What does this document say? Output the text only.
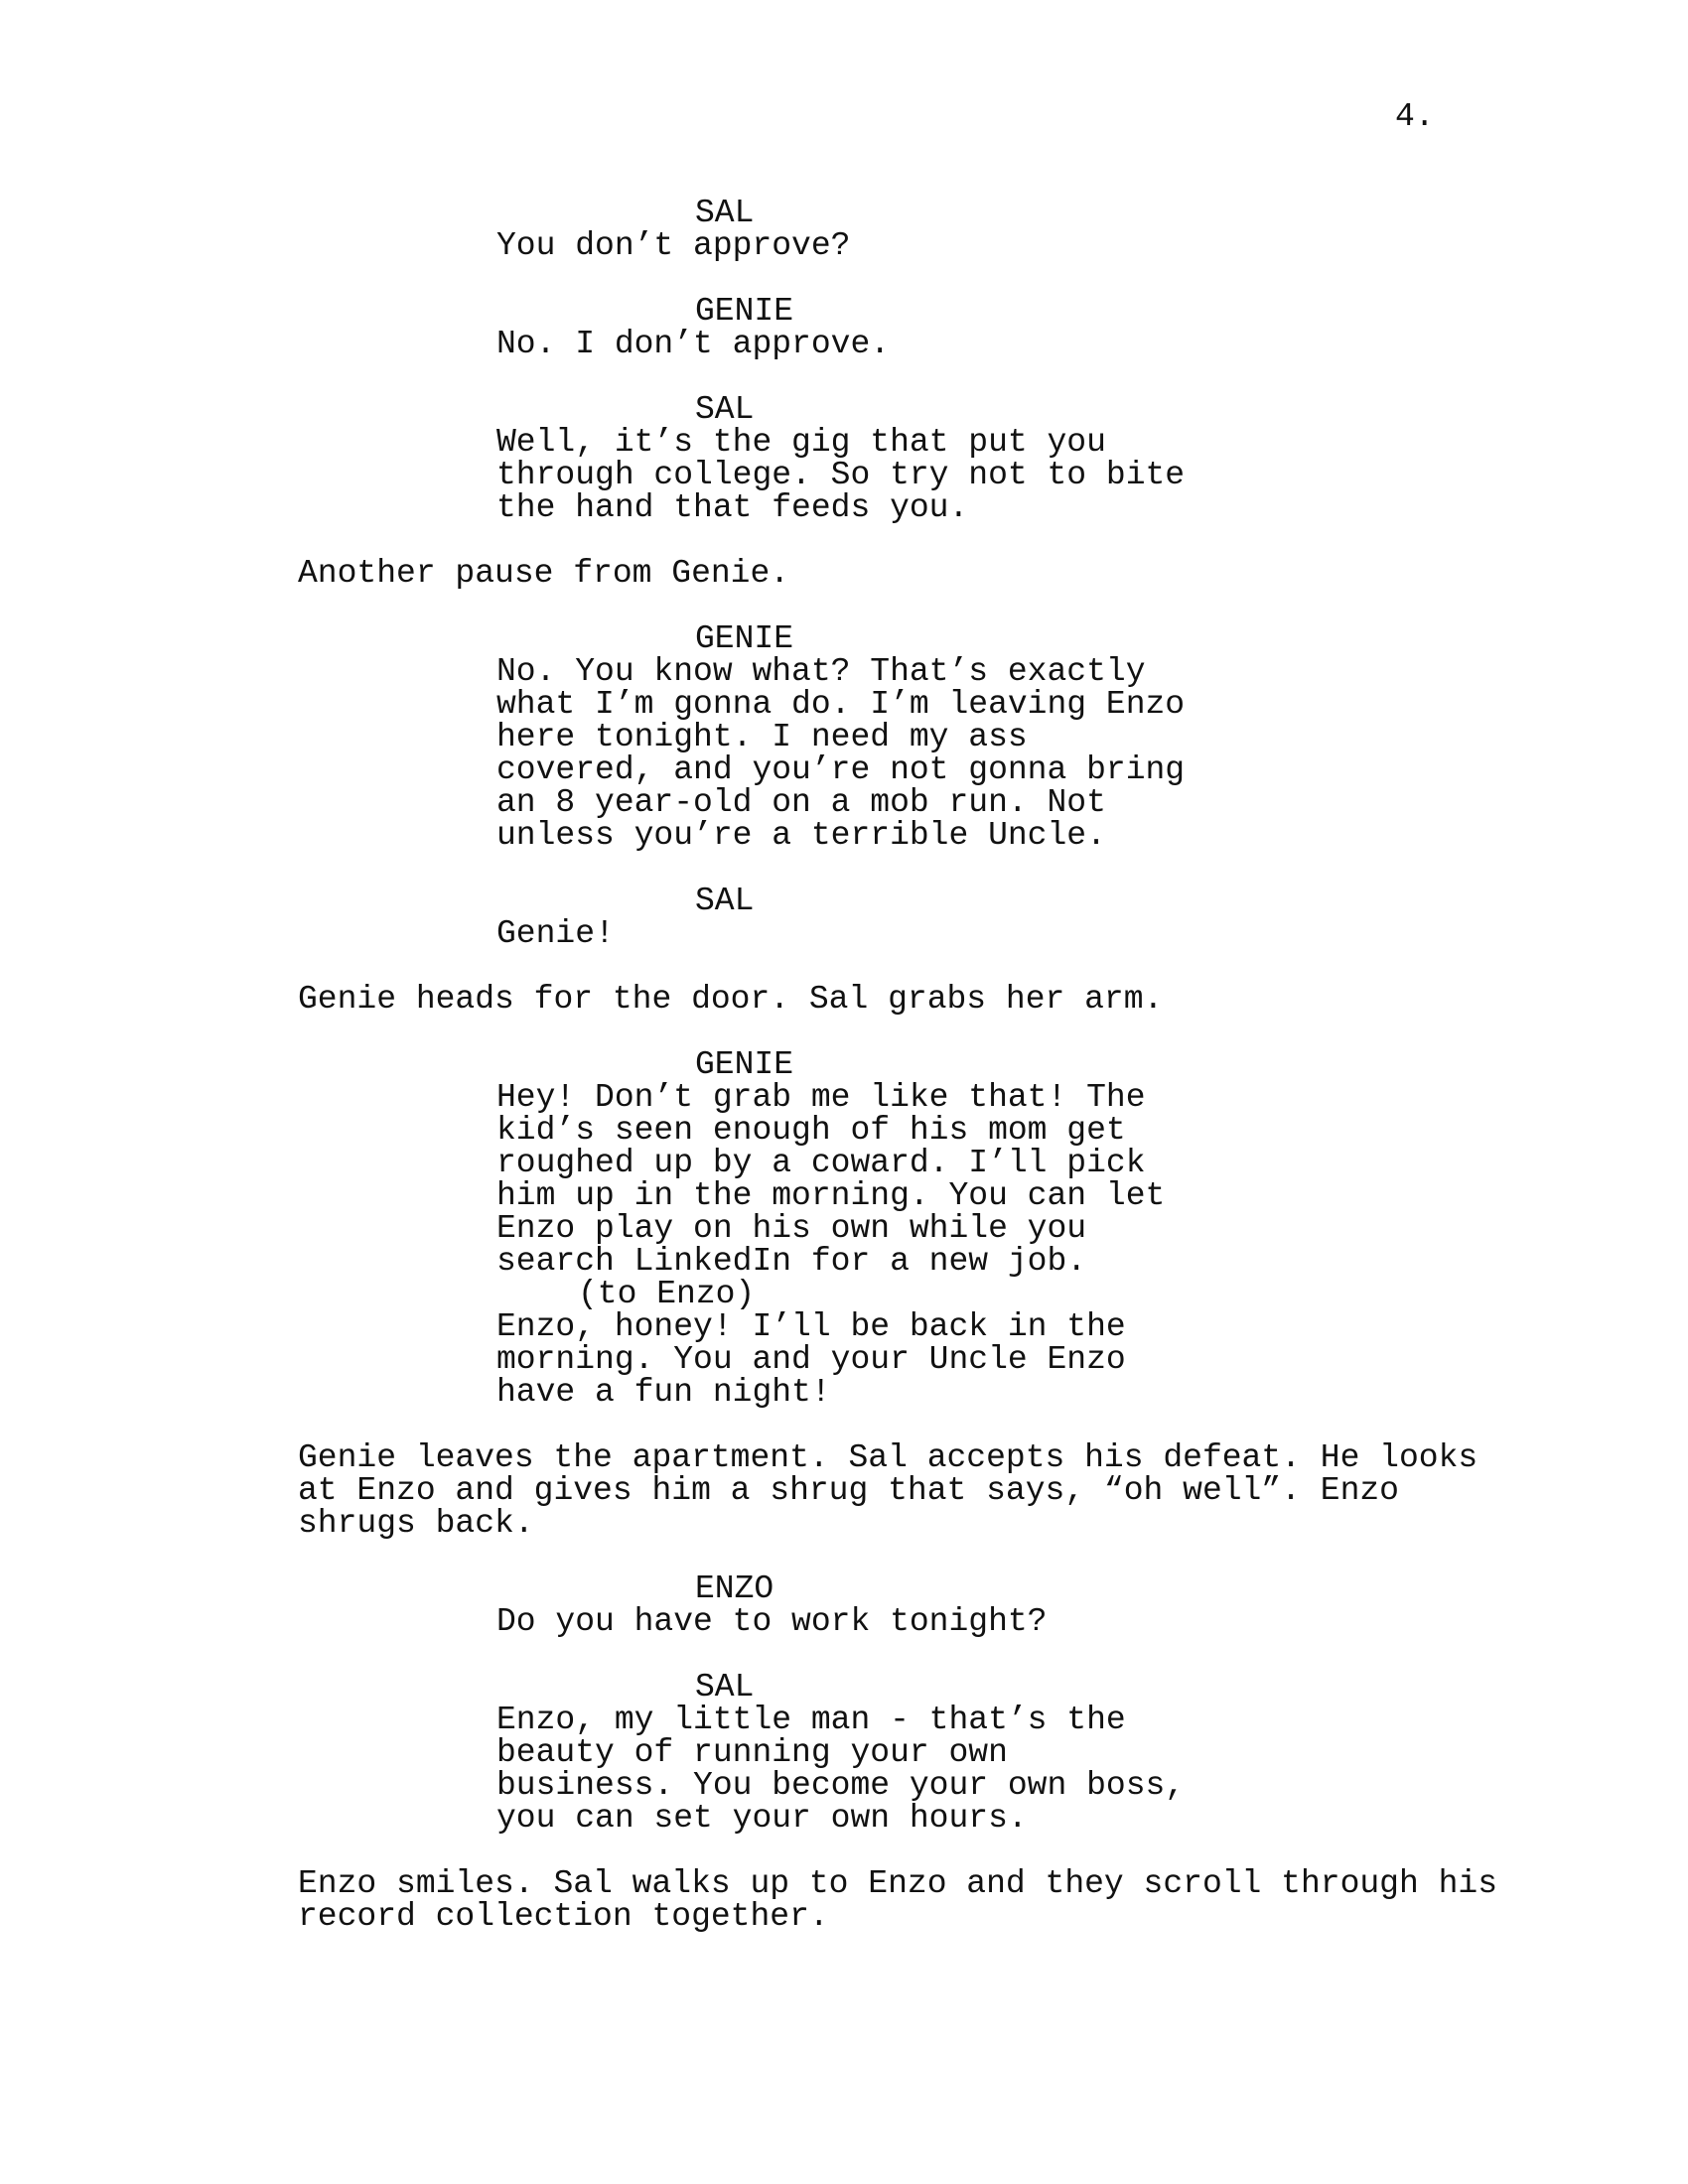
4.
SAL
You don’t approve?
GENIE
No. I don’t approve.
SAL
Well, it’s the gig that put you
through college. So try not to bite
the hand that feeds you.
Another pause from Genie.
GENIE
No. You know what? That’s exactly
what I’m gonna do. I’m leaving Enzo
here tonight. I need my ass
covered, and you’re not gonna bring
an 8 year-old on a mob run. Not
unless you’re a terrible Uncle.
SAL
Genie!
Genie heads for the door. Sal grabs her arm.
GENIE
Hey! Don’t grab me like that! The
kid’s seen enough of his mom get
roughed up by a coward. I’ll pick
him up in the morning. You can let
Enzo play on his own while you
search LinkedIn for a new job.
(to Enzo)
Enzo, honey! I’ll be back in the
morning. You and your Uncle Enzo
have a fun night!
Genie leaves the apartment. Sal accepts his defeat. He looks
at Enzo and gives him a shrug that says, “oh well”. Enzo
shrugs back.
ENZO
Do you have to work tonight?
SAL
Enzo, my little man - that’s the
beauty of running your own
business. You become your own boss,
you can set your own hours.
Enzo smiles. Sal walks up to Enzo and they scroll through his
record collection together.
